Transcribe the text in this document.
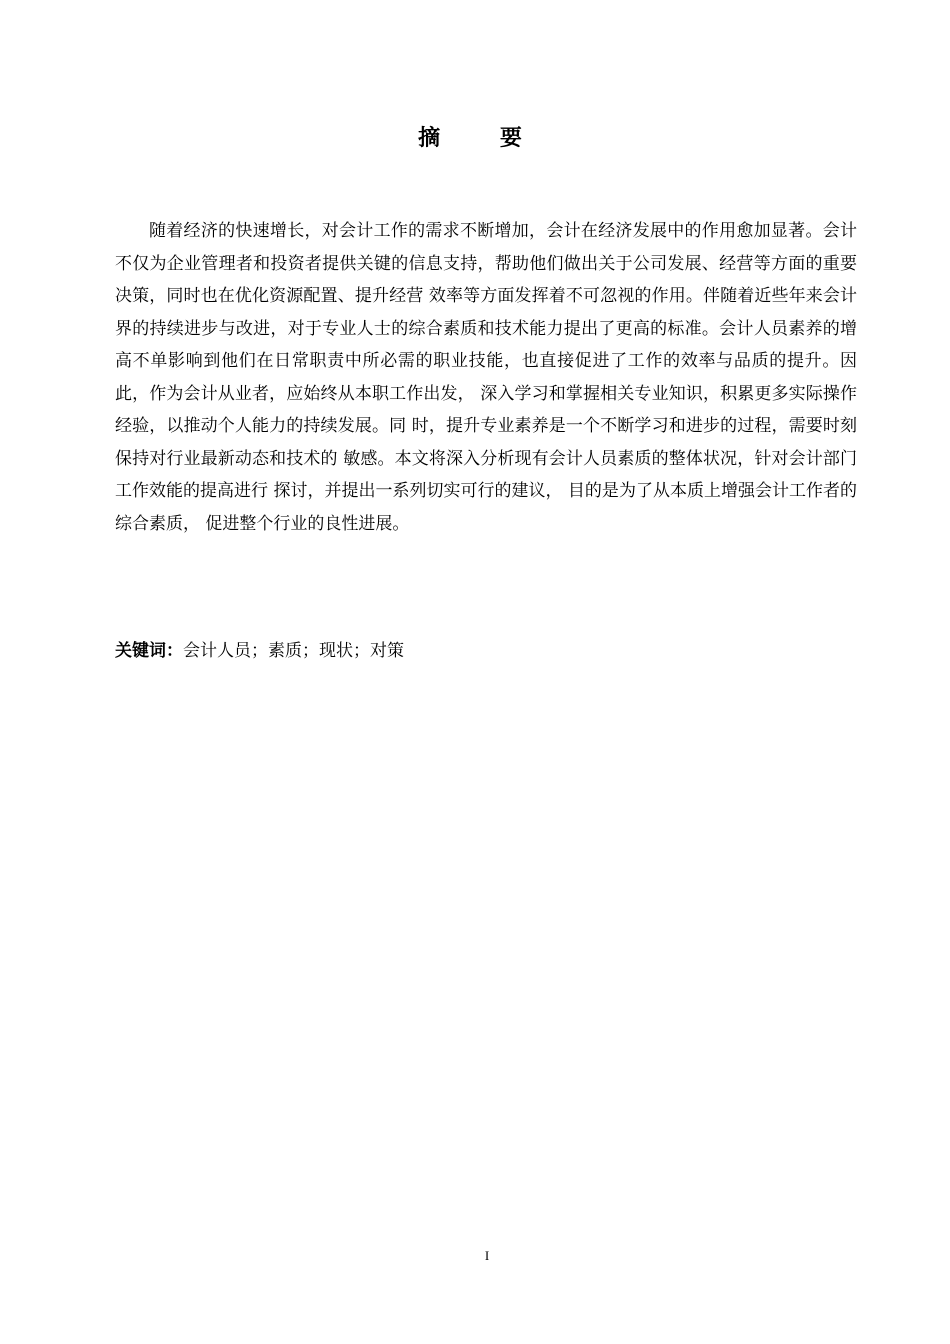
摘 要

随着经济的快速增长，对会计工作的需求不断增加，会计在经济发展中的作用愈加显著。会计不仅为企业管理者和投资者提供关键的信息支持，帮助他们做出关于公司发展、经营等方面的重要决策，同时也在优化资源配置、提升经营 效率等方面发挥着不可忽视的作用。伴随着近些年来会计界的持续进步与改进，对于专业人士的综合素质和技术能力提出了更高的标准。会计人员素养的增高不单影响到他们在日常职责中所必需的职业技能，也直接促进了工作的效率与品质的提升。因此，作为会计从业者，应始终从本职工作出发， 深入学习和掌握相关专业知识，积累更多实际操作经验，以推动个人能力的持续发展。同 时，提升专业素养是一个不断学习和进步的过程，需要时刻保持对行业最新动态和技术的 敏感。本文将深入分析现有会计人员素质的整体状况，针对会计部门工作效能的提高进行 探讨，并提出一系列切实可行的建议， 目的是为了从本质上增强会计工作者的综合素质， 促进整个行业的良性进展。

关键词：会计人员；素质；现状；对策

I
